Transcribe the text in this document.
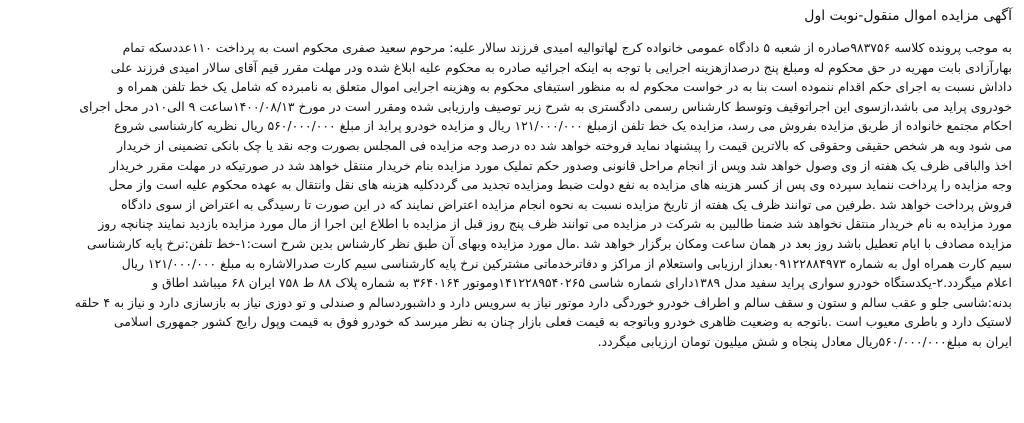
آگهی مزایده اموال منقول-نوبت اول
به موجب پرونده کلاسه ۹۸۳۷۵۶صادره از شعبه ۵ دادگاه عمومی خانواده کرج لهاتوالیه امیدی فرزند سالار علیه: مرحوم سعید صفری محکوم است به پرداخت ۱۱۰عددسکه تمام
بهارآزادی بابت مهریه در حق محکوم له ومبلغ پنج درصدازهزینه اجرایی با توجه به اینکه اجرائیه صادره به محکوم علیه ابلاغ شده ودر مهلت مقرر قیم آقای سالار امیدی فرزند علی
داداش نسبت به اجرای حکم اقدام ننموده است بنا به در خواست محکوم له به منظور استیفای محکوم به وهزینه اجرایی اموال متعلق به نامبرده که شامل یک خط تلفن همراه و
خودروی پراید می باشد،ازسوی این اجراتوقیف وتوسط کارشناس رسمی دادگستری به شرح زیر توصیف وارزیابی شده ومقرر است در مورخ ۱۴۰۰/۰۸/۱۳ساعت ۹ الی۱۰در محل اجرای
احکام مجتمع خانواده از طریق مزایده بفروش می رسد، مزایده یک خط تلفن ازمبلغ ۱۲۱/۰۰۰/۰۰۰ ریال و مزایده خودرو پراید از مبلغ ۵۶۰/۰۰۰/۰۰۰ ریال نظریه کارشناسی شروع
می شود وبه هر شخص حقیقی وحقوقی که بالاترین قیمت را پیشنهاد نماید فروخته خواهد شد ده درصد وجه مزایده فی المجلس بصورت وجه نقد یا چک بانکی تضمینی از خریدار
اخذ والباقی ظرف یک هفته از وی وصول خواهد شد وپس از انجام مراحل قانونی وصدور حکم تملیک مورد مزایده بنام خریدار منتقل خواهد شد در صورتیکه در مهلت مقرر خریدار
وجه مزایده را پرداخت ننماید سپرده وی پس از کسر هزینه های مزایده به نفع دولت ضبط ومزایده تجدید می گرددکلیه هزینه های نقل وانتقال به عهده محکوم علیه است واز محل
فروش پرداخت خواهد شد .طرفین می توانند ظرف یک هفته از تاریخ مزایده نسبت به نحوه انجام مزایده اعتراض نمایند که در این صورت تا رسیدگی به اعتراض از سوی دادگاه
مورد مزایده به نام خریدار منتقل نخواهد شد ضمنا طالبین به شرکت در مزایده می توانند ظرف پنج روز قبل از مزایده با اطلاع این اجرا از مال مورد مزایده بازدید نمایند چنانچه روز
مزایده مصادف با ایام تعطیل باشد روز بعد در همان ساعت ومکان برگزار خواهد شد .مال مورد مزایده وبهای آن طبق نظر کارشناس بدین شرح است:۱-خط تلفن:نرخ پایه کارشناسی
سیم کارت همراه اول به شماره ۰۹۱۲۲۸۸۴۹۷۳بعداز ارزیابی واستعلام از مراکز و دفاترخدماتی مشترکین نرخ پایه کارشناسی سیم کارت صدرالاشاره به مبلغ ۱۲۱/۰۰۰/۰۰۰ ریال
اعلام میگردد.۲-یکدستگاه خودرو سواری پراید سفید مدل ۱۳۸۹دارای شماره شاسی ۱۴۱۲۲۸۹۵۴۰۲۶۵وموتور ۳۶۴۰۱۶۴ به شماره پلاک ۸۸ ط ۷۵۸ ایران ۶۸ میباشد اطاق و
بدنه:شاسی جلو و عقب سالم و ستون و سقف سالم و اطراف خودرو خوردگی دارد موتور نیاز به سرویس دارد و داشبوردسالم و صندلی و تو دوزی نیاز به بازسازی دارد و نیاز به ۴ حلقه
لاستیک دارد و باطری معیوب است .باتوجه به وضعیت ظاهری خودرو وباتوجه به قیمت فعلی بازار چنان به نظر میرسد که خودرو فوق به قیمت وپول رایج کشور جمهوری اسلامی
ایران به مبلغ۵۶۰/۰۰۰/۰۰۰ریال معادل پنجاه و شش میلیون تومان ارزیابی میگردد.
